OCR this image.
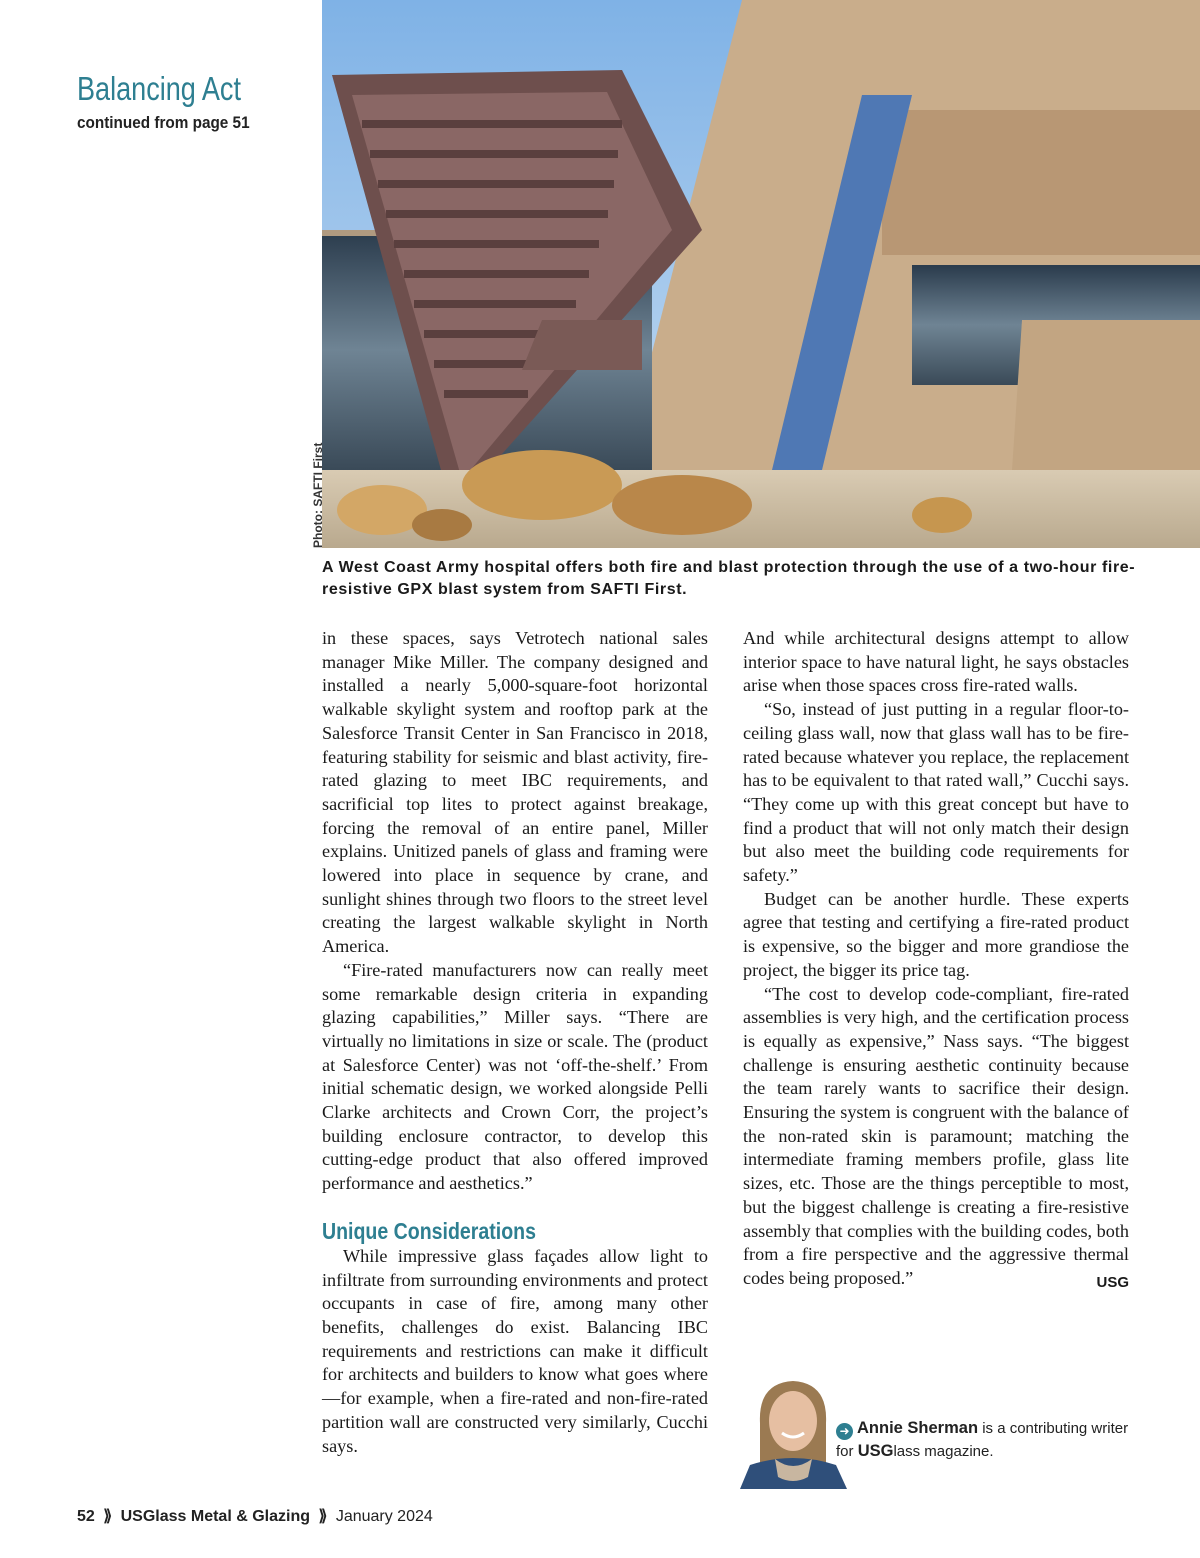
Balancing Act
continued from page 51
Photo: SAFTI First

A West Coast Army hospital offers both fire and blast protection through the use of a two-hour fire-resistive GPX blast system from SAFTI First.

in these spaces, says Vetrotech national sales manager Mike Miller. The company designed and installed a nearly 5,000-square-foot horizontal walkable skylight system and rooftop park at the Salesforce Transit Center in San Francisco in 2018, featuring stability for seismic and blast activity, fire-rated glazing to meet IBC requirements, and sacrificial top lites to protect against breakage, forcing the removal of an entire panel, Miller explains. Unitized panels of glass and framing were lowered into place in sequence by crane, and sunlight shines through two floors to the street level creating the largest walkable skylight in North America.

“Fire-rated manufacturers now can really meet some remarkable design criteria in expanding glazing capabilities,” Miller says. “There are virtually no limitations in size or scale. The (product at Salesforce Center) was not ‘off-the-shelf.’ From initial schematic design, we worked alongside Pelli Clarke architects and Crown Corr, the project’s building enclosure contractor, to develop this cutting-edge product that also offered improved performance and aesthetics.”

Unique Considerations

While impressive glass façades allow light to infiltrate from surrounding environments and protect occupants in case of fire, among many other benefits, challenges do exist. Balancing IBC requirements and restrictions can make it difficult for architects and builders to know what goes where—for example, when a fire-rated and non-fire-rated partition wall are constructed very similarly, Cucchi says.

And while architectural designs attempt to allow interior space to have natural light, he says obstacles arise when those spaces cross fire-rated walls.

“So, instead of just putting in a regular floor-to-ceiling glass wall, now that glass wall has to be fire-rated because whatever you replace, the replacement has to be equivalent to that rated wall,” Cucchi says. “They come up with this great concept but have to find a product that will not only match their design but also meet the building code requirements for safety.”

Budget can be another hurdle. These experts agree that testing and certifying a fire-rated product is expensive, so the bigger and more grandiose the project, the bigger its price tag.

“The cost to develop code-compliant, fire-rated assemblies is very high, and the certification process is equally as expensive,” Nass says. “The biggest challenge is ensuring aesthetic continuity because the team rarely wants to sacrifice their design. Ensuring the system is congruent with the balance of the non-rated skin is paramount; matching the intermediate framing members profile, glass lite sizes, etc. Those are the things perceptible to most, but the biggest challenge is creating a fire-resistive assembly that complies with the building codes, both from a fire perspective and the aggressive thermal codes being proposed.”	USG

➜ Annie Sherman is a contributing writer for USGlass magazine.
52 ⟫ USGlass Metal & Glazing ⟫ January 2024
